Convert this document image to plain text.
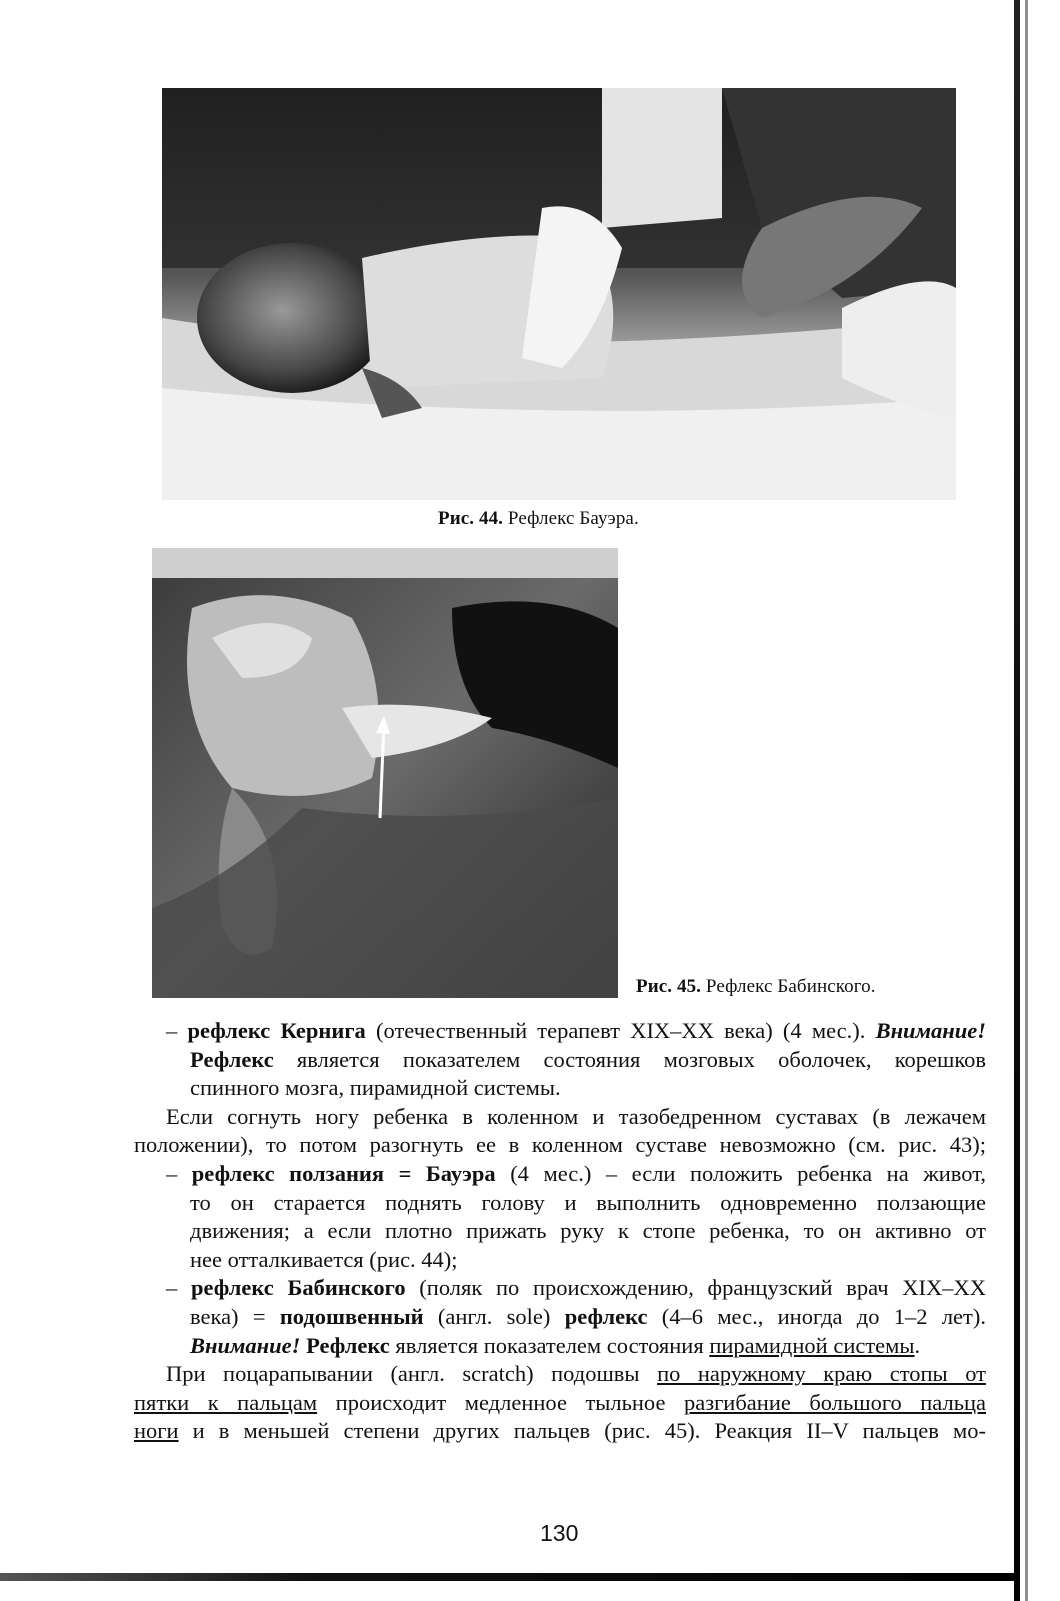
Рис. 44. Рефлекс Бауэра.
Рис. 45. Рефлекс Бабинского.
– рефлекс Кернига (отечественный терапевт XIX–XX века) (4 мес.). Внимание!
Рефлекс является показателем состояния мозговых оболочек, корешков
спинного мозга, пирамидной системы.
Если согнуть ногу ребенка в коленном и тазобедренном суставах (в лежачем
положении), то потом разогнуть ее в коленном суставе невозможно (см. рис. 43);
– рефлекс ползания = Бауэра (4 мес.) – если положить ребенка на живот,
то он старается поднять голову и выполнить одновременно ползающие
движения; а если плотно прижать руку к стопе ребенка, то он активно от
нее отталкивается (рис. 44);
– рефлекс Бабинского (поляк по происхождению, французский врач XIX–XX
века) = подошвенный (англ. sole) рефлекс (4–6 мес., иногда до 1–2 лет).
Внимание! Рефлекс является показателем состояния пирамидной системы.
При поцарапывании (англ. scratch) подошвы по наружному краю стопы от
пятки к пальцам происходит медленное тыльное разгибание большого пальца
ноги и в меньшей степени других пальцев (рис. 45). Реакция II–V пальцев мо-
130
